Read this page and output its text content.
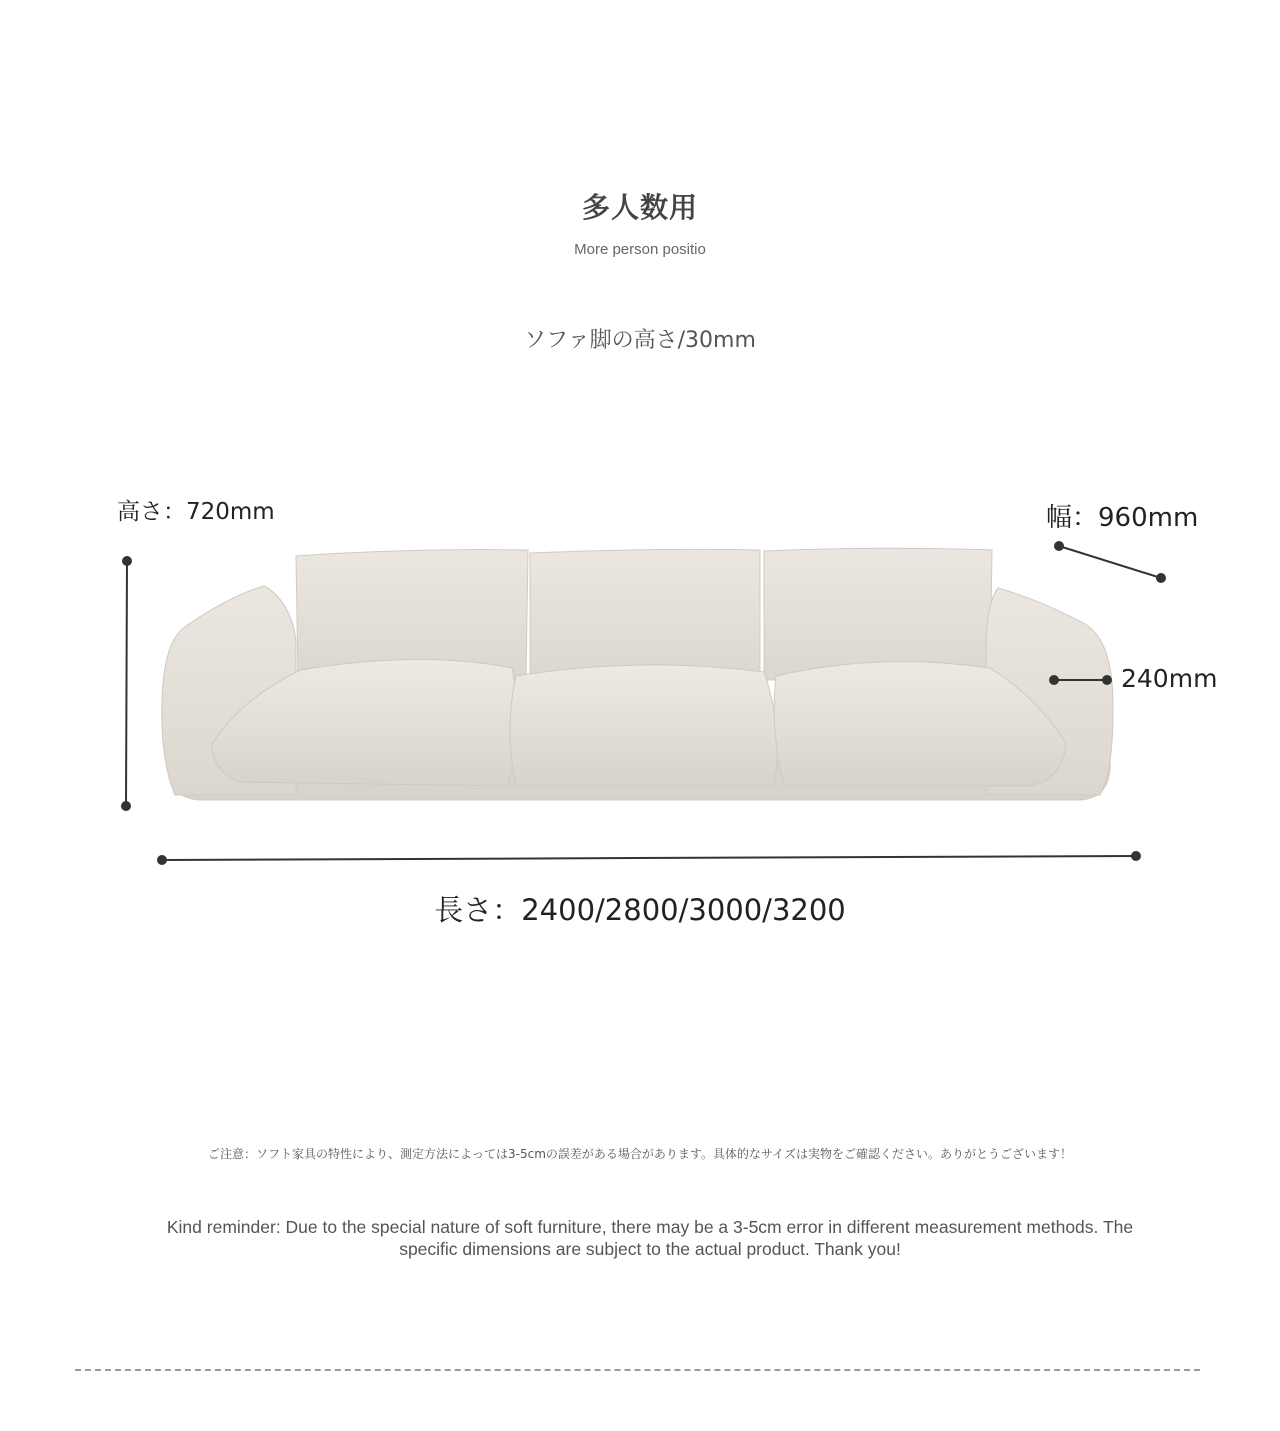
多人数用
More person positio
ソファ脚の高さ/30mm
高さ：720mm	幅：960mm
240mm
長さ：2400/2800/3000/3200
ご注意：ソフト家具の特性により、測定方法によっては3-5cmの誤差がある場合があります。具体的なサイズは実物をご確認ください。ありがとうございます！
Kind reminder: Due to the special nature of soft furniture, there may be a 3-5cm error in different measurement methods. The specific dimensions are subject to the actual product. Thank you!
